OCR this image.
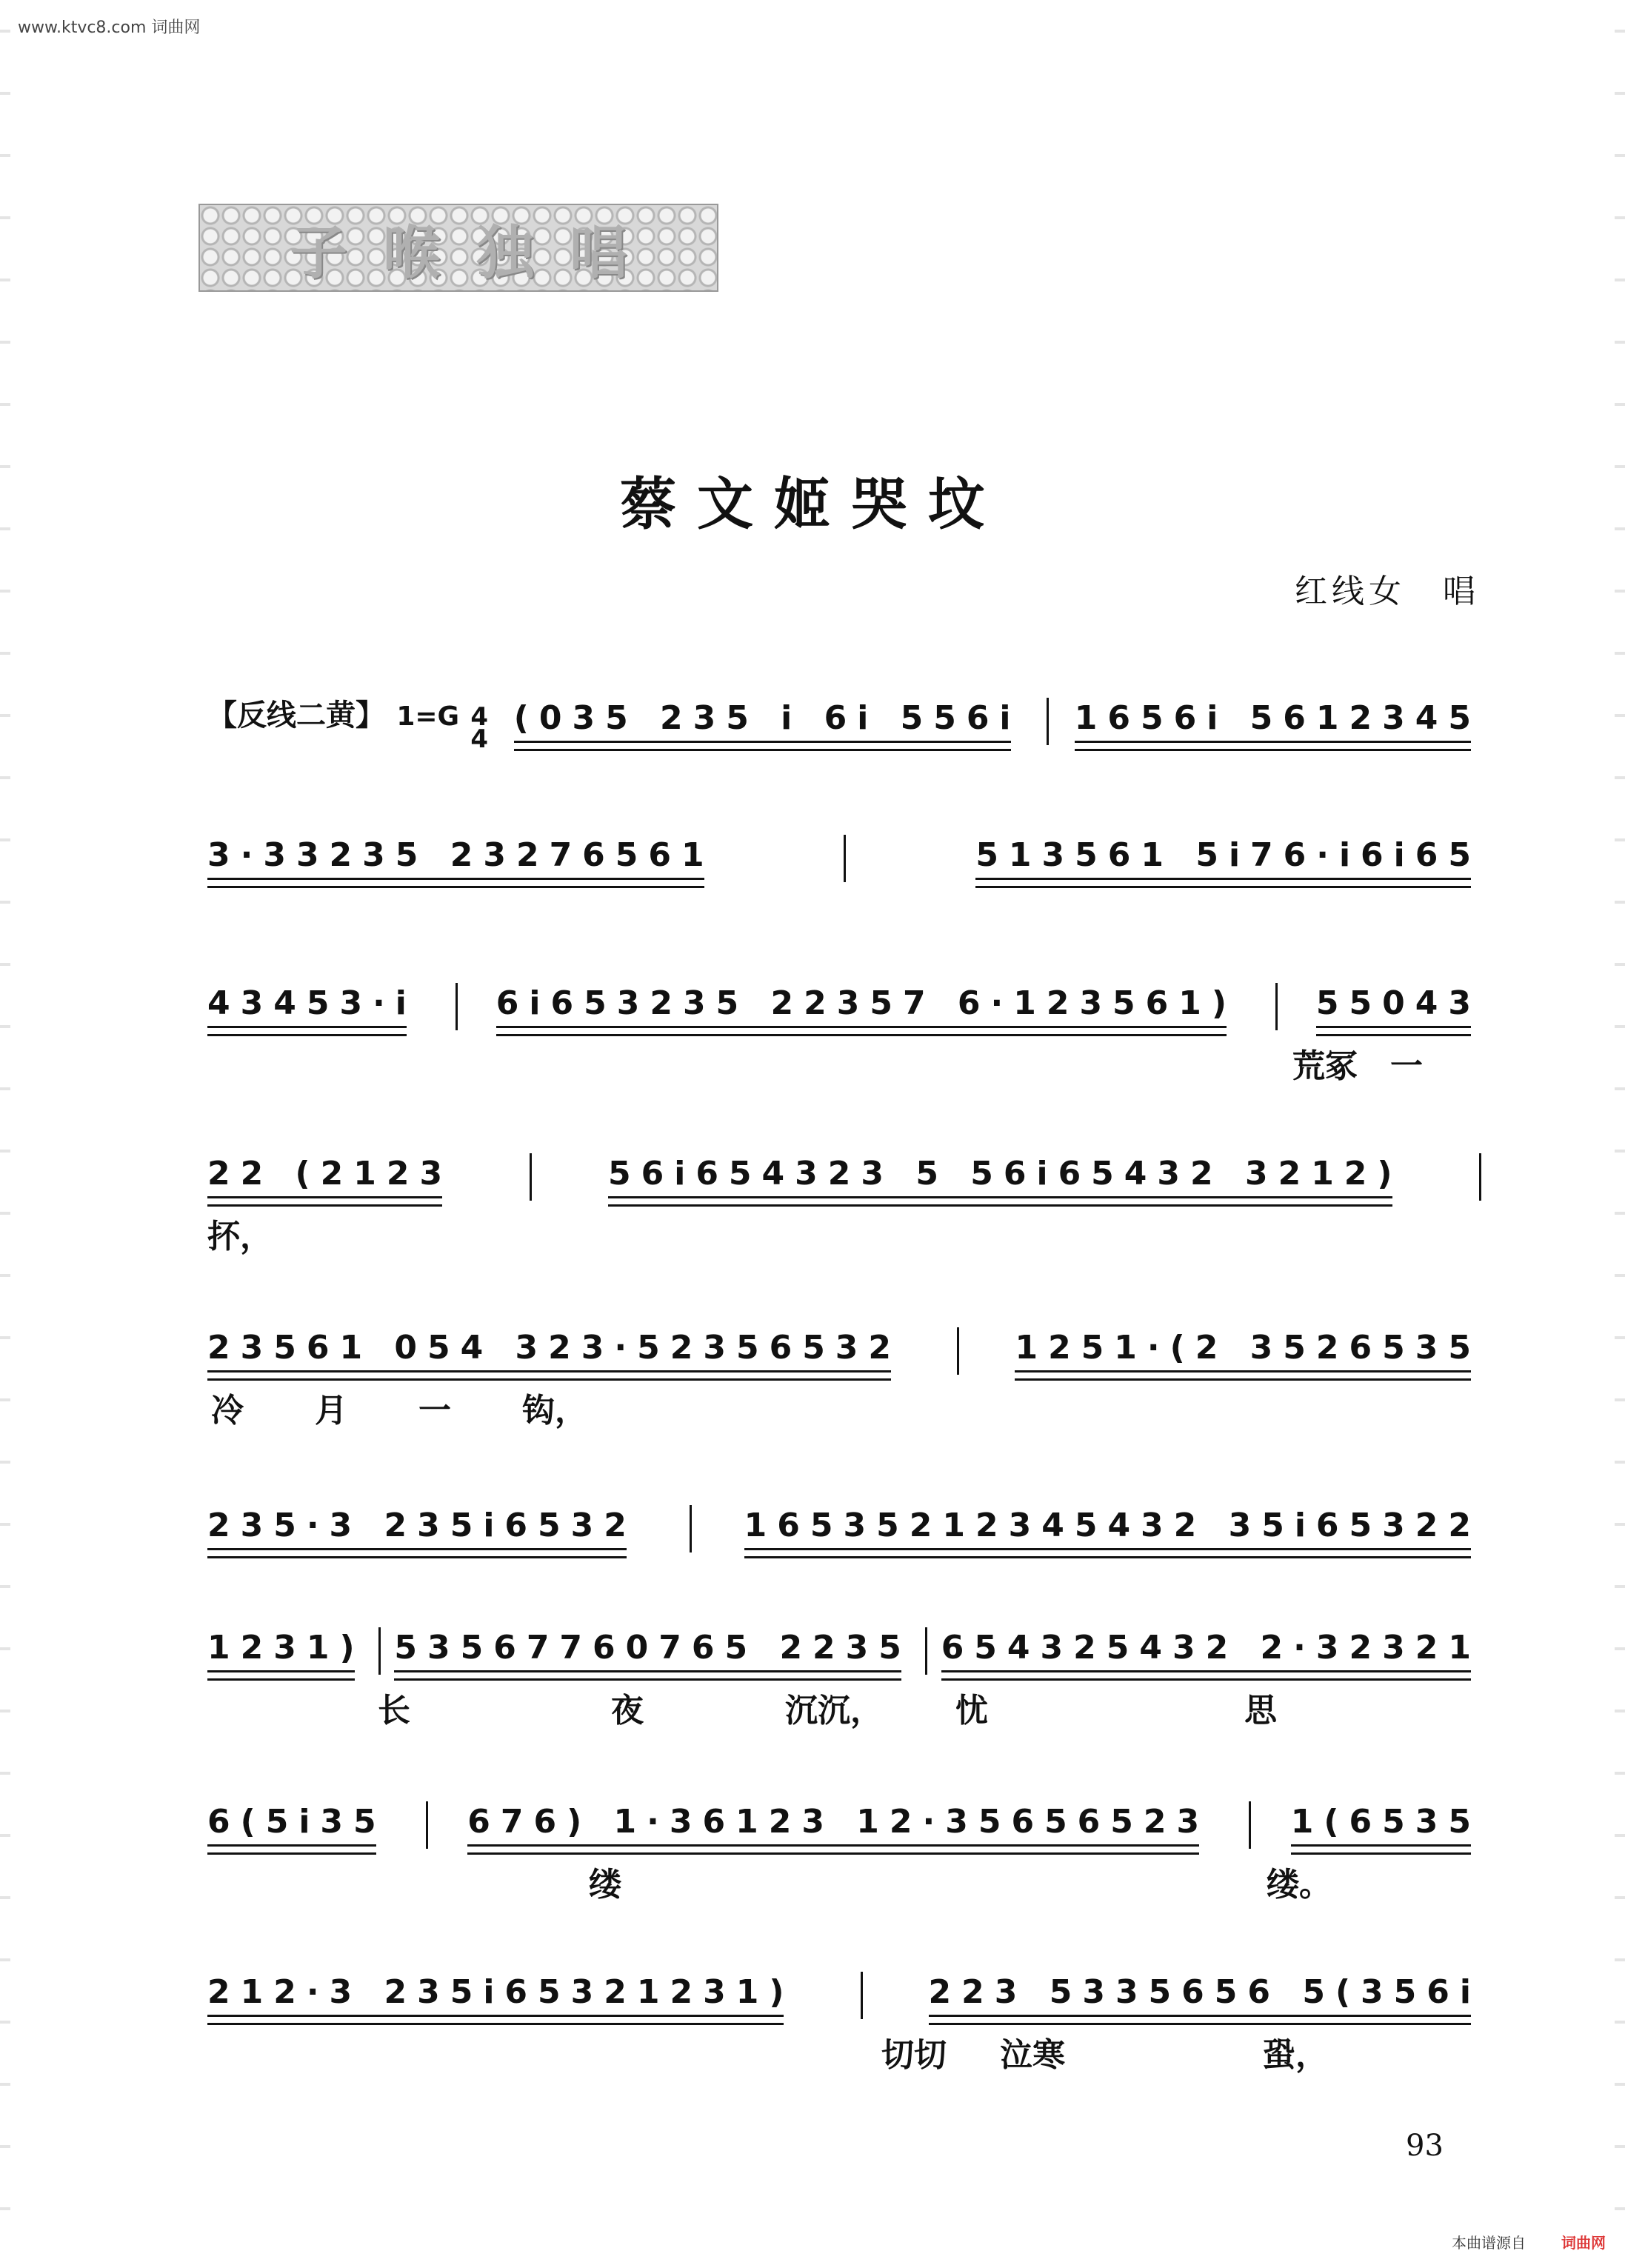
www.ktvc8.com 词曲网
子喉独唱
蔡文姬哭坟
红线女　唱
【反线二黄】 1=G 4
4
(035 235 i 6i 556i 1656i 5612345
3·33235 23276561	513561 5i76·i6i65
43453·i 6i653235 22357 6·123561) 55043
荒冢　一
22 (2123	56i654323 5 56i65432 3212)
抔，
23561 054 323·52356532	1251·(2 3526535
冷 月 一 钩，
235·3 235i6532	16535212345432 35i65322
1231) 53567760765 2235 654325432 2·32321
长	夜	沉沉， 忧	思
6(5i35 676) 1·36123 12·35656523 1(6535
缕	缕。
212·3 235i65321231)	223 5335656 5(356i
切切 泣寒	蛩，
93
本曲谱源自 词曲网
